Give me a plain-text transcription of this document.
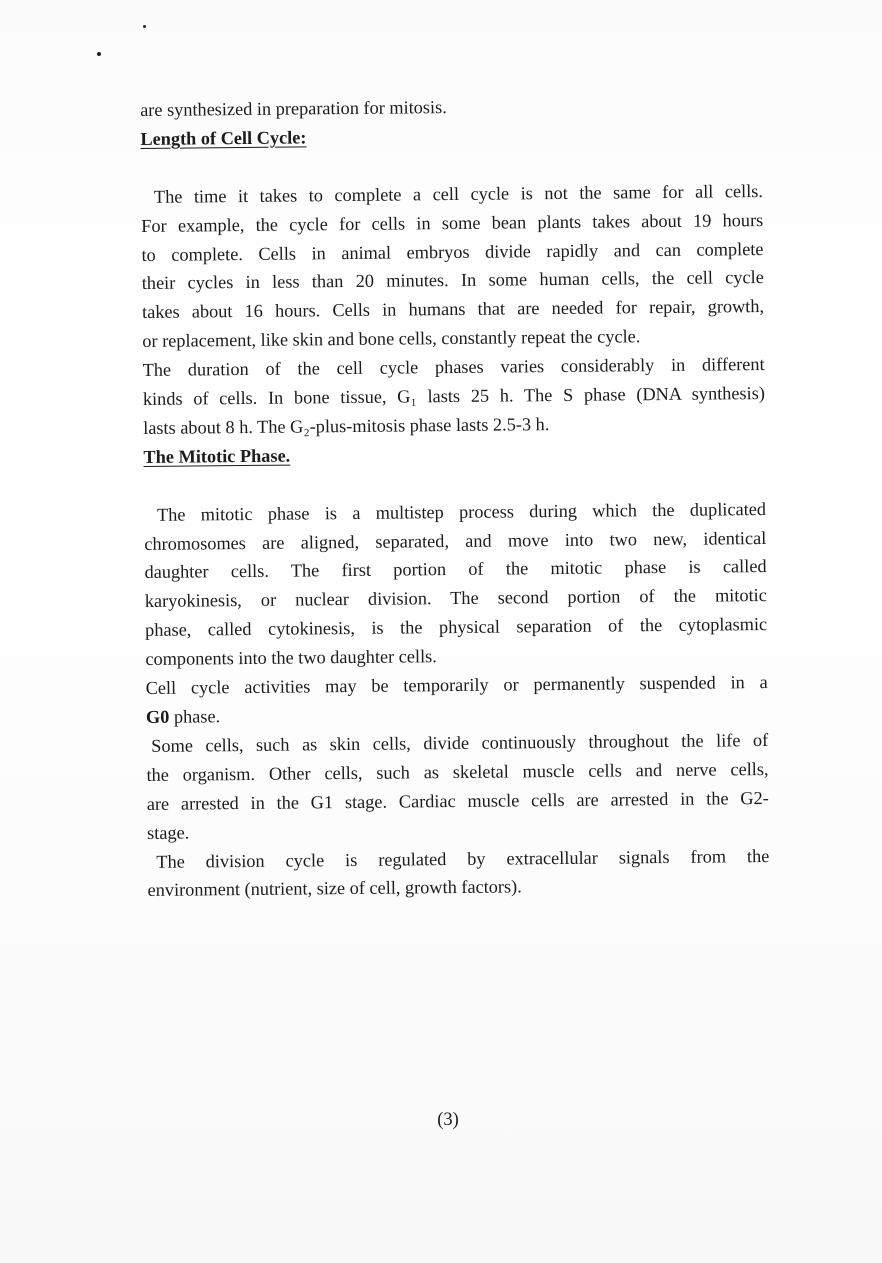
are synthesized in preparation for mitosis.
Length of Cell Cycle:
The time it takes to complete a cell cycle is not the same for all cells.
For example, the cycle for cells in some bean plants takes about 19 hours
to complete. Cells in animal embryos divide rapidly and can complete
their cycles in less than 20 minutes. In some human cells, the cell cycle
takes about 16 hours. Cells in humans that are needed for repair, growth,
or replacement, like skin and bone cells, constantly repeat the cycle.
The duration of the cell cycle phases varies considerably in different
kinds of cells. In bone tissue, G₁ lasts 25 h. The S phase (DNA synthesis)
lasts about 8 h. The G₂-plus-mitosis phase lasts 2.5-3 h.
The Mitotic Phase.
The mitotic phase is a multistep process during which the duplicated
chromosomes are aligned, separated, and move into two new, identical
daughter cells. The first portion of the mitotic phase is called
karyokinesis, or nuclear division. The second portion of the mitotic
phase, called cytokinesis, is the physical separation of the cytoplasmic
components into the two daughter cells.
Cell cycle activities may be temporarily or permanently suspended in a
G0 phase.
Some cells, such as skin cells, divide continuously throughout the life of
the organism. Other cells, such as skeletal muscle cells and nerve cells,
are arrested in the G1 stage. Cardiac muscle cells are arrested in the G2-
stage.
The division cycle is regulated by extracellular signals from the
environment (nutrient, size of cell, growth factors).
(3)
